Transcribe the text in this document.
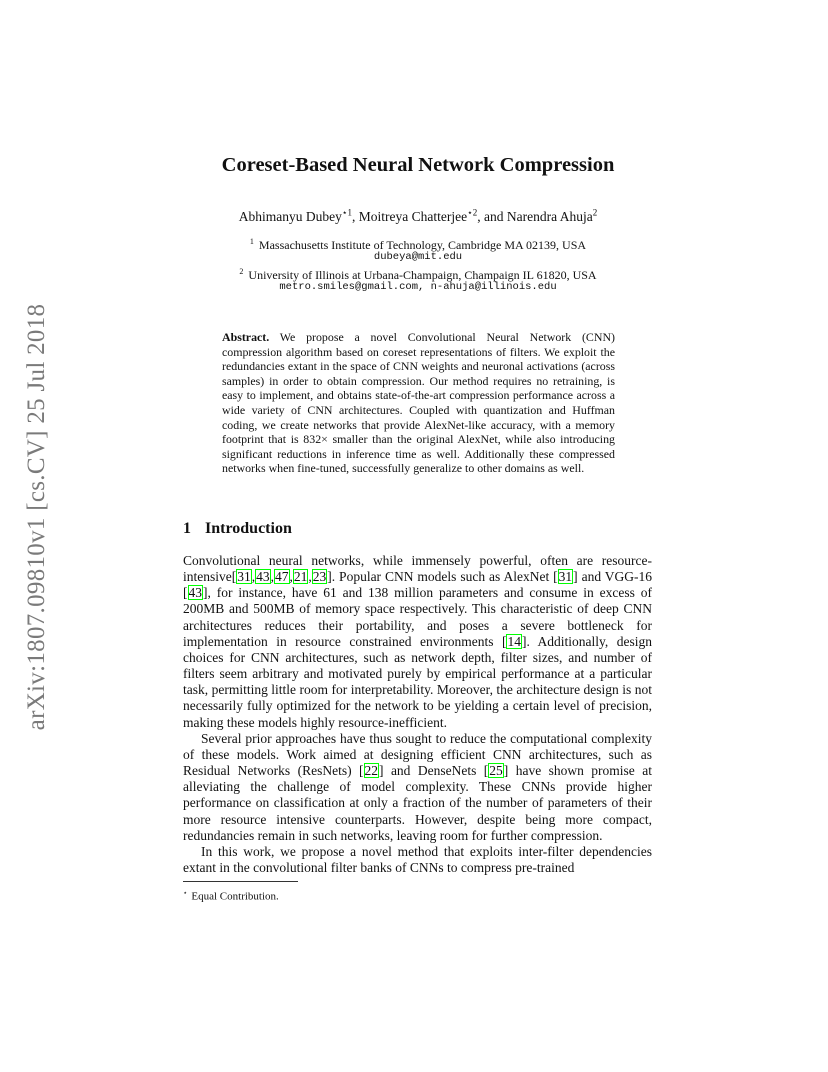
arXiv:1807.09810v1 [cs.CV] 25 Jul 2018
Coreset-Based Neural Network Compression
Abhimanyu Dubey$^{⋆1}$, Moitreya Chatterjee$^{⋆2}$, and Narendra Ahuja$^2$
$^1$ Massachusetts Institute of Technology, Cambridge MA 02139, USA
dubeya@mit.edu
$^2$ University of Illinois at Urbana-Champaign, Champaign IL 61820, USA
metro.smiles@gmail.com, n-ahuja@illinois.edu

Abstract. We propose a novel Convolutional Neural Network (CNN) compression algorithm based on coreset representations of filters. We exploit the redundancies extant in the space of CNN weights and neuronal activations (across samples) in order to obtain compression. Our method requires no retraining, is easy to implement, and obtains state-of-the-art compression performance across a wide variety of CNN architectures. Coupled with quantization and Huffman coding, we create networks that provide AlexNet-like accuracy, with a memory footprint that is 832× smaller than the original AlexNet, while also introducing significant reductions in inference time as well. Additionally these compressed networks when fine-tuned, successfully generalize to other domains as well.

1 Introduction

Convolutional neural networks, while immensely powerful, often are resource-intensive[31,43,47,21,23]. Popular CNN models such as AlexNet [31] and VGG-16 [43], for instance, have 61 and 138 million parameters and consume in excess of 200MB and 500MB of memory space respectively. This characteristic of deep CNN architectures reduces their portability, and poses a severe bottleneck for implementation in resource constrained environments [14]. Additionally, design choices for CNN architectures, such as network depth, filter sizes, and number of filters seem arbitrary and motivated purely by empirical performance at a particular task, permitting little room for interpretability. Moreover, the architecture design is not necessarily fully optimized for the network to be yielding a certain level of precision, making these models highly resource-inefficient.

Several prior approaches have thus sought to reduce the computational complexity of these models. Work aimed at designing efficient CNN architectures, such as Residual Networks (ResNets) [22] and DenseNets [25] have shown promise at alleviating the challenge of model complexity. These CNNs provide higher performance on classification at only a fraction of the number of parameters of their more resource intensive counterparts. However, despite being more compact, redundancies remain in such networks, leaving room for further compression.

In this work, we propose a novel method that exploits inter-filter dependencies extant in the convolutional filter banks of CNNs to compress pre-trained

⋆ Equal Contribution.
